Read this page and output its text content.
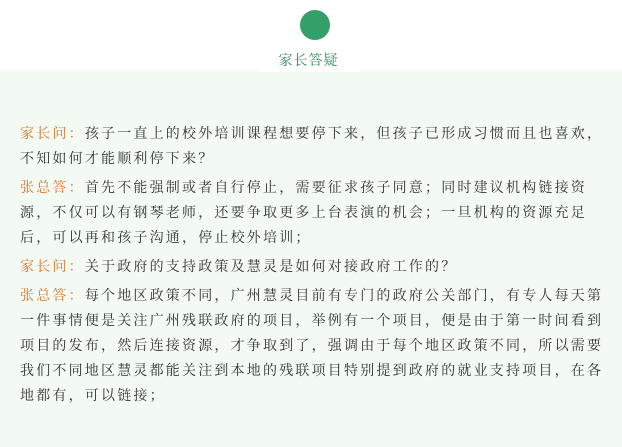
家长答疑

家长问：孩子一直上的校外培训课程想要停下来，但孩子已形成习惯而且也喜欢，不知如何才能顺利停下来？

张总答：首先不能强制或者自行停止，需要征求孩子同意；同时建议机构链接资源，不仅可以有钢琴老师，还要争取更多上台表演的机会；一旦机构的资源充足后，可以再和孩子沟通，停止校外培训；

家长问：关于政府的支持政策及慧灵是如何对接政府工作的？

张总答：每个地区政策不同，广州慧灵目前有专门的政府公关部门，有专人每天第一件事情便是关注广州残联政府的项目，举例有一个项目，便是由于第一时间看到项目的发布，然后连接资源，才争取到了，强调由于每个地区政策不同，所以需要我们不同地区慧灵都能关注到本地的残联项目特别提到政府的就业支持项目，在各地都有，可以链接；
